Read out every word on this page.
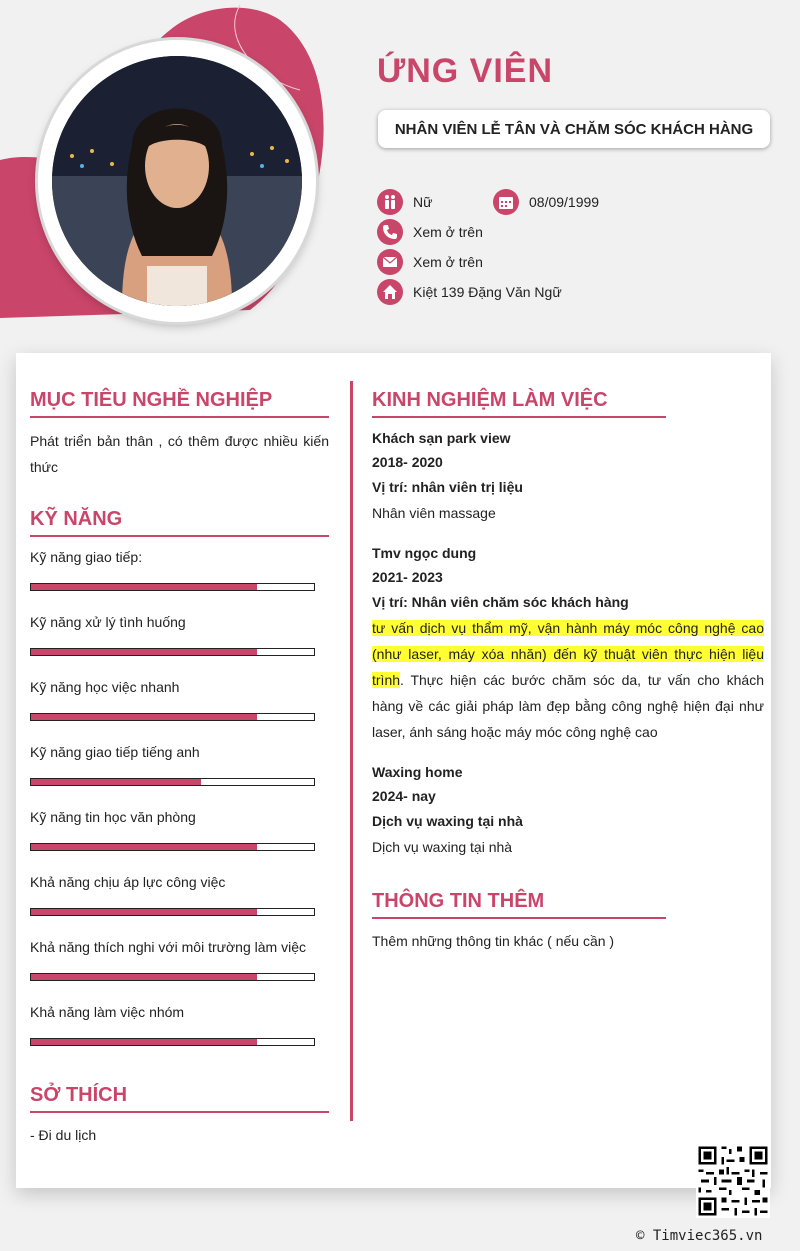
ỨNG VIÊN
NHÂN VIÊN LỄ TÂN VÀ CHĂM SÓC KHÁCH HÀNG
Nữ	08/09/1999
Xem ở trên
Xem ở trên
Kiệt 139 Đặng Văn Ngữ
MỤC TIÊU NGHỀ NGHIỆP
Phát triển bản thân , có thêm được nhiều kiến thức
KỸ NĂNG
Kỹ năng giao tiếp:
Kỹ năng xử lý tình huống
Kỹ năng học việc nhanh
Kỹ năng giao tiếp tiếng anh
Kỹ năng tin học văn phòng
Khả năng chịu áp lực công việc
Khả năng thích nghi với môi trường làm việc
Khả năng làm việc nhóm
SỞ THÍCH
- Đi du lịch
KINH NGHIỆM LÀM VIỆC
Khách sạn park view
2018- 2020
Vị trí: nhân viên trị liệu
Nhân viên massage
Tmv ngọc dung
2021- 2023
Vị trí: Nhân viên chăm sóc khách hàng
tư vấn dịch vụ thẩm mỹ, vận hành máy móc công nghệ cao (như laser, máy xóa nhăn) đến kỹ thuật viên thực hiện liệu trình. Thực hiện các bước chăm sóc da, tư vấn cho khách hàng về các giải pháp làm đẹp bằng công nghệ hiện đại như laser, ánh sáng hoặc máy móc công nghệ cao
Waxing home
2024- nay
Dịch vụ waxing tại nhà
Dịch vụ waxing tại nhà
THÔNG TIN THÊM
Thêm những thông tin khác ( nếu cần )
© Timviec365.vn
